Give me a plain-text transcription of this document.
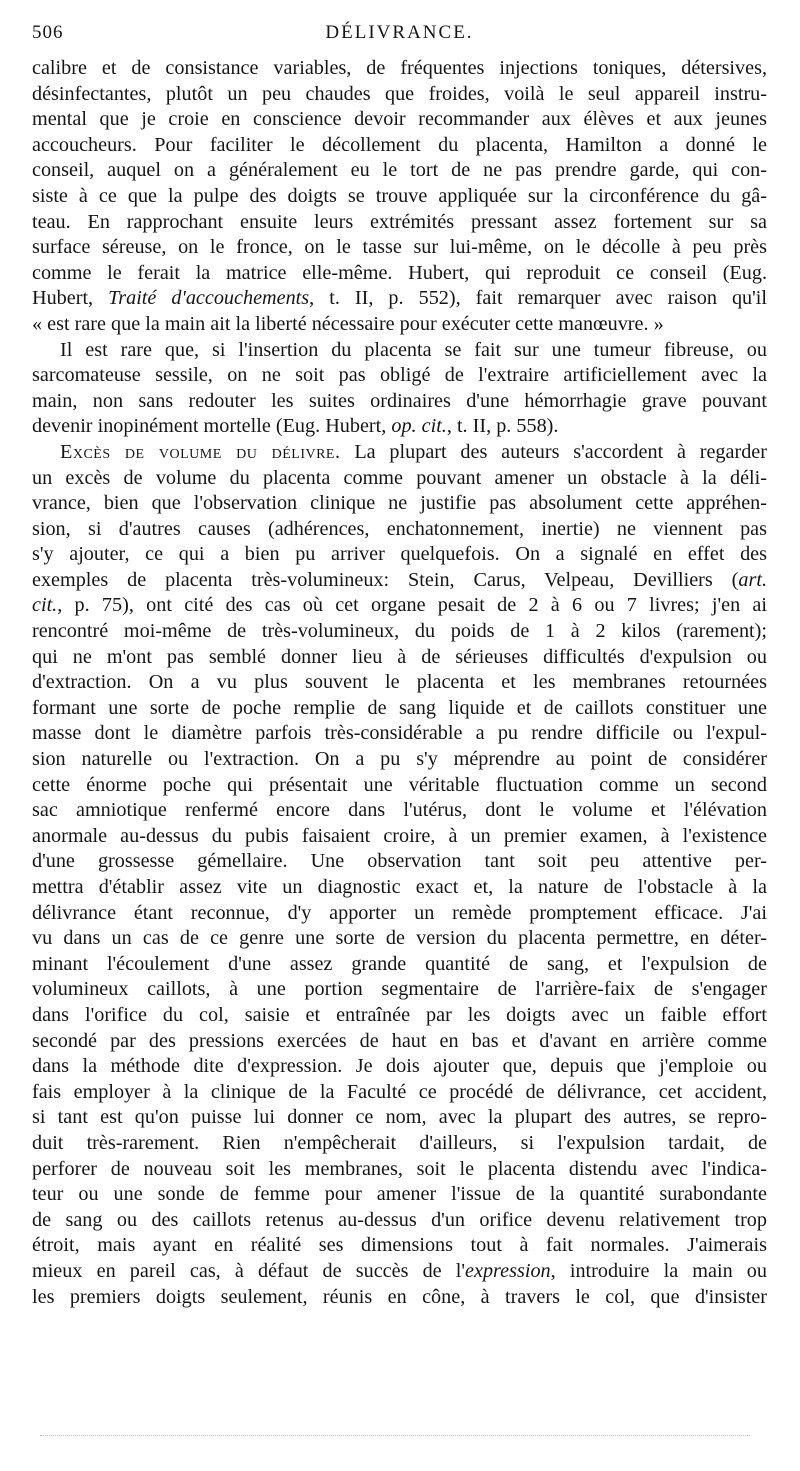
506	DÉLIVRANCE.
calibre et de consistance variables, de fréquentes injections toniques, détersives,
désinfectantes, plutôt un peu chaudes que froides, voilà le seul appareil instru-
mental que je croie en conscience devoir recommander aux élèves et aux jeunes
accoucheurs. Pour faciliter le décollement du placenta, Hamilton a donné le
conseil, auquel on a généralement eu le tort de ne pas prendre garde, qui con-
siste à ce que la pulpe des doigts se trouve appliquée sur la circonférence du gâ-
teau. En rapprochant ensuite leurs extrémités pressant assez fortement sur sa
surface séreuse, on le fronce, on le tasse sur lui-même, on le décolle à peu près
comme le ferait la matrice elle-même. Hubert, qui reproduit ce conseil (Eug.
Hubert, Traité d'accouchements, t. II, p. 552), fait remarquer avec raison qu'il
« est rare que la main ait la liberté nécessaire pour exécuter cette manœuvre. »
Il est rare que, si l'insertion du placenta se fait sur une tumeur fibreuse, ou
sarcomateuse sessile, on ne soit pas obligé de l'extraire artificiellement avec la
main, non sans redouter les suites ordinaires d'une hémorrhagie grave pouvant
devenir inopinément mortelle (Eug. Hubert, op. cit., t. II, p. 558).
Excès de volume du délivre. La plupart des auteurs s'accordent à regarder
un excès de volume du placenta comme pouvant amener un obstacle à la déli-
vrance, bien que l'observation clinique ne justifie pas absolument cette appréhen-
sion, si d'autres causes (adhérences, enchatonnement, inertie) ne viennent pas
s'y ajouter, ce qui a bien pu arriver quelquefois. On a signalé en effet des
exemples de placenta très-volumineux: Stein, Carus, Velpeau, Devilliers (art.
cit., p. 75), ont cité des cas où cet organe pesait de 2 à 6 ou 7 livres; j'en ai
rencontré moi-même de très-volumineux, du poids de 1 à 2 kilos (rarement);
qui ne m'ont pas semblé donner lieu à de sérieuses difficultés d'expulsion ou
d'extraction. On a vu plus souvent le placenta et les membranes retournées
formant une sorte de poche remplie de sang liquide et de caillots constituer une
masse dont le diamètre parfois très-considérable a pu rendre difficile ou l'expul-
sion naturelle ou l'extraction. On a pu s'y méprendre au point de considérer
cette énorme poche qui présentait une véritable fluctuation comme un second
sac amniotique renfermé encore dans l'utérus, dont le volume et l'élévation
anormale au-dessus du pubis faisaient croire, à un premier examen, à l'existence
d'une grossesse gémellaire. Une observation tant soit peu attentive per-
mettra d'établir assez vite un diagnostic exact et, la nature de l'obstacle à la
délivrance étant reconnue, d'y apporter un remède promptement efficace. J'ai
vu dans un cas de ce genre une sorte de version du placenta permettre, en déter-
minant l'écoulement d'une assez grande quantité de sang, et l'expulsion de
volumineux caillots, à une portion segmentaire de l'arrière-faix de s'engager
dans l'orifice du col, saisie et entraînée par les doigts avec un faible effort
secondé par des pressions exercées de haut en bas et d'avant en arrière comme
dans la méthode dite d'expression. Je dois ajouter que, depuis que j'emploie ou
fais employer à la clinique de la Faculté ce procédé de délivrance, cet accident,
si tant est qu'on puisse lui donner ce nom, avec la plupart des autres, se repro-
duit très-rarement. Rien n'empêcherait d'ailleurs, si l'expulsion tardait, de
perforer de nouveau soit les membranes, soit le placenta distendu avec l'indica-
teur ou une sonde de femme pour amener l'issue de la quantité surabondante
de sang ou des caillots retenus au-dessus d'un orifice devenu relativement trop
étroit, mais ayant en réalité ses dimensions tout à fait normales. J'aimerais
mieux en pareil cas, à défaut de succès de l'expression, introduire la main ou
les premiers doigts seulement, réunis en cône, à travers le col, que d'insister
